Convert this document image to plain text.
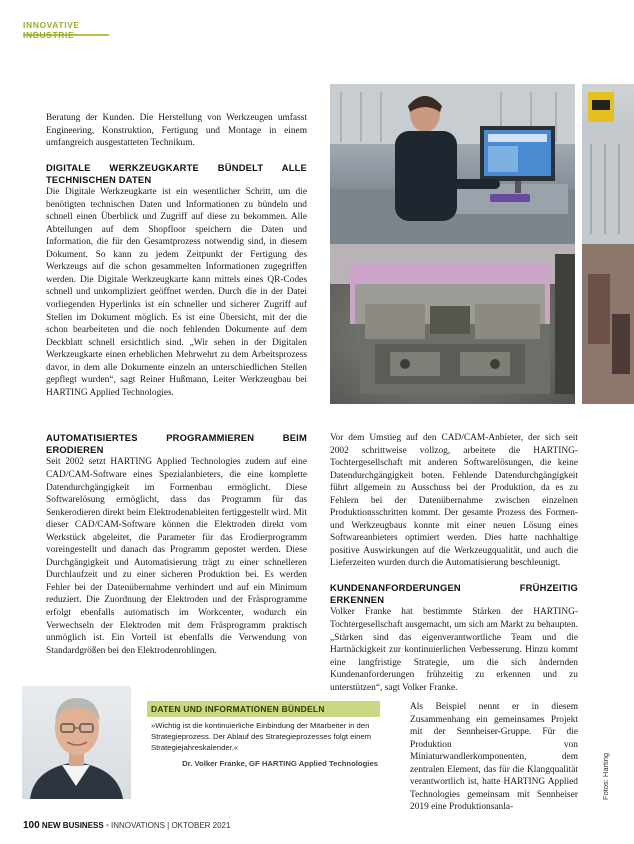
INNOVATIVE INDUSTRIE

Beratung der Kunden. Die Herstellung von Werkzeugen umfasst Engineering, Konstruktion, Fertigung und Montage in einem umfangreich ausgestatteten Technikum.

DIGITALE WERKZEUGKARTE BÜNDELT ALLE TECHNISCHEN DATEN

Die Digitale Werkzeugkarte ist ein wesentlicher Schritt, um die benötigten technischen Daten und Informationen zu bündeln und schnell einen Überblick und Zugriff auf diese zu bekommen. Alle Abteilungen auf dem Shopfloor speichern die Daten und Information, die für den Gesamtprozess notwendig sind, in diesem Dokument. So kann zu jedem Zeitpunkt der Fertigung des Werkzeugs auf die schon gesammelten Informationen zugegriffen werden. Die Digitale Werkzeugkarte kann mittels eines QR-Codes schnell und unkompliziert geöffnet werden. Durch die in der Datei vorliegenden Hyperlinks ist ein schneller und sicherer Zugriff auf Stellen im Dokument möglich. Es ist eine Übersicht, mit der die schon bearbeiteten und die noch fehlenden Dokumente auf dem Deckblatt schnell ersichtlich sind. „Wir sehen in der Digitalen Werkzeugkarte einen erheblichen Mehrwehrt zu dem Arbeitsprozess davor, in dem alle Dokumente einzeln an unterschiedlichen Stellen gepflegt wurden“, sagt Reiner Hußmann, Leiter Werkzeugbau bei HARTING Applied Technologies.

AUTOMATISIERTES PROGRAMMIEREN BEIM ERODIEREN

Seit 2002 setzt HARTING Applied Technologies zudem auf eine CAD/CAM-Software eines Spezialanbieters, die eine komplette Datendurchgängigkeit im Formenbau ermöglicht. Diese Softwarelösung ermöglicht, dass das Programm für das Senkerodieren direkt beim Elektrodenableiten fertiggestellt wird. Mit dieser CAD/CAM-Software können die Elektroden direkt vom Werkstück abgeleitet, die Parameter für das Erodierprogramm voreingestellt und danach das Programm gepostet werden. Diese Durchgängigkeit und Automatisierung trägt zu einer schnelleren Durchlaufzeit und zu einer sicheren Produktion bei. Es werden Fehler bei der Datenübernahme verhindert und auf ein Minimum reduziert. Die Zuordnung der Elektroden und der Fräsprogramme erfolgt ebenfalls automatisch im Workcenter, wodurch ein Verwechseln der Elektroden mit dem Fräsprogramm praktisch unmöglich ist. Ein Vorteil ist ebenfalls die Verwendung von Standardgrößen bei den Elektrodenrohlingen.

Vor dem Umstieg auf den CAD/CAM-Anbieter, der sich seit 2002 schrittweise vollzog, arbeitete die HARTING-Tochtergesellschaft mit anderen Softwarelösungen, die keine Datendurchgängigkeit boten. Fehlende Datendurchgängigkeit führt allgemein zu Ausschuss bei der Produktion, da es zu Fehlern bei der Datenübernahme zwischen einzelnen Produktionsschritten kommt. Der gesamte Prozess des Formen- und Werkzeugbaus konnte mit einer neuen Lösung eines Softwareanbieters optimiert werden. Dies hatte nachhaltige positive Auswirkungen auf die Werkzeugqualität, und auch die Lieferzeiten wurden durch die Automatisierung beschleunigt.

KUNDENANFORDERUNGEN FRÜHZEITIG ERKENNEN

Volker Franke hat bestimmte Stärken der HARTING-Tochtergesellschaft ausgemacht, um sich am Markt zu behaupten. „Stärken sind das eigenverantwortliche Team und die Hartnäckigkeit zur kontinuierlichen Verbesserung. Hinzu kommt eine langfristige Strategie, um die sich ändernden Kundenanforderungen frühzeitig zu erkennen und zu unterstützen“, sagt Volker Franke.

Als Beispiel nennt er in diesem Zusammenhang ein gemeinsames Projekt mit der Sennheiser-Gruppe. Für die Produktion von Miniaturwandlerkomponenten, dem zentralen Element, das für die Klangqualität verantwortlich ist, hatte HARTING Applied Technologies gemeinsam mit Sennheiser 2019 eine Produktionsanla-

DATEN UND INFORMATIONEN BÜNDELN
»Wichtig ist die kontinuierliche Einbindung der Mitarbeiter in den Strategieprozess. Der Ablauf des Strategieprozesses folgt einem Strategiejahreskalender.«
Dr. Volker Franke, GF HARTING Applied Technologies	Fotos: Harting
100 NEW BUSINESS • INNOVATIONS | OKTOBER 2021
